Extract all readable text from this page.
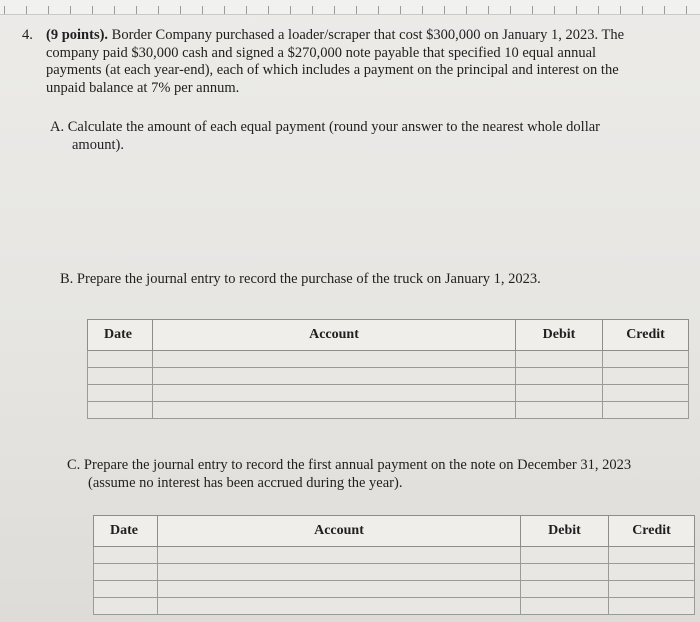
4. (9 points). Border Company purchased a loader/scraper that cost $300,000 on January 1, 2023. The
company paid $30,000 cash and signed a $270,000 note payable that specified 10 equal annual
payments (at each year-end), each of which includes a payment on the principal and interest on the
unpaid balance at 7% per annum.
A. Calculate the amount of each equal payment (round your answer to the nearest whole dollar
amount).
B. Prepare the journal entry to record the purchase of the truck on January 1, 2023.
Date	Account	Debit	Credit

C. Prepare the journal entry to record the first annual payment on the note on December 31, 2023
(assume no interest has been accrued during the year).
Date	Account	Debit	Credit
